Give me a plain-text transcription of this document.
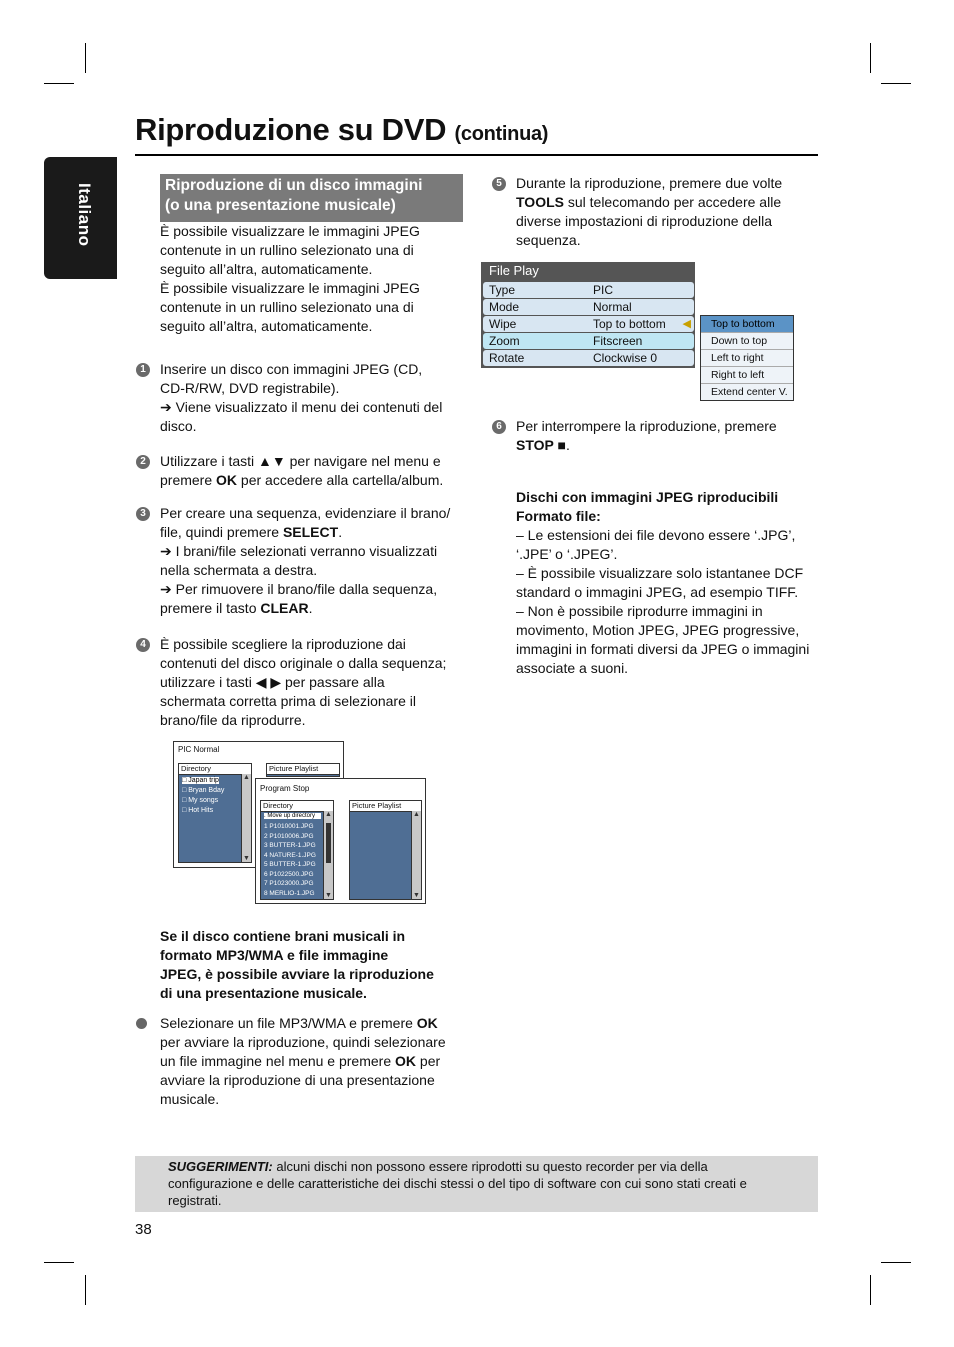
Riproduzione su DVD (continua)
Italiano	Riproduzione di un disco immagini
(o una presentazione musicale)
È possibile visualizzare le immagini JPEG
contenute in un rullino selezionato una di
seguito all’altra, automaticamente.
È possibile visualizzare le immagini JPEG
contenute in un rullino selezionato una di
seguito all’altra, automaticamente.
1	Inserire un disco con immagini JPEG (CD,
CD-R/RW, DVD registrabile).
➔ Viene visualizzato il menu dei contenuti del
disco.
2	Utilizzare i tasti ▲▼ per navigare nel menu e
premere OK per accedere alla cartella/album.
3	Per creare una sequenza, evidenziare il brano/
file, quindi premere SELECT.
➔ I brani/file selezionati verranno visualizzati
nella schermata a destra.
➔ Per rimuovere il brano/file dalla sequenza,
premere il tasto CLEAR.
4	È possibile scegliere la riproduzione dai
contenuti del disco originale o dalla sequenza;
utilizzare i tasti ◀ ▶ per passare alla
schermata corretta prima di selezionare il
brano/file da riprodurre.
PIC Normal
Directory
□ Japan trip
□ Bryan Bday
□ My songs
□ Hot Hits
▲
▼
Picture Playlist
Program Stop
Directory
. Move up directory
1 P1010001.JPG
2 P1010006.JPG
3 BUTTER-1.JPG
4 NATURE-1.JPG
5 BUTTER-1.JPG
6 P1022500.JPG
7 P1023000.JPG
8 MERLIO-1.JPG
▲
▼
Picture Playlist
▲
▼
Se il disco contiene brani musicali in
formato MP3/WMA e file immagine
JPEG, è possibile avviare la riproduzione
di una presentazione musicale.
Selezionare un file MP3/WMA e premere OK
per avviare la riproduzione, quindi selezionare
un file immagine nel menu e premere OK per
avviare la riproduzione di una presentazione
musicale.
5	Durante la riproduzione, premere due volte
TOOLS sul telecomando per accedere alle
diverse impostazioni di riproduzione della
sequenza.
File Play
Type	PIC
Mode	Normal
Wipe	Top to bottom ◀
Zoom	Fitscreen
Rotate	Clockwise 0
Top to bottom
Down to top
Left to right
Right to left
Extend center V.
6	Per interrompere la riproduzione, premere
STOP ■.
Dischi con immagini JPEG riproducibili
Formato file:
– Le estensioni dei file devono essere ‘.JPG’,
‘.JPE’ o ‘.JPEG’.
– È possibile visualizzare solo istantanee DCF
standard o immagini JPEG, ad esempio TIFF.
– Non è possibile riprodurre immagini in
movimento, Motion JPEG, JPEG progressive,
immagini in formati diversi da JPEG o immagini
associate a suoni.

SUGGERIMENTI: alcuni dischi non possono essere riprodotti su questo recorder per via della configurazione e delle caratteristiche dei dischi stessi o del tipo di software con cui sono stati creati e registrati.

38
